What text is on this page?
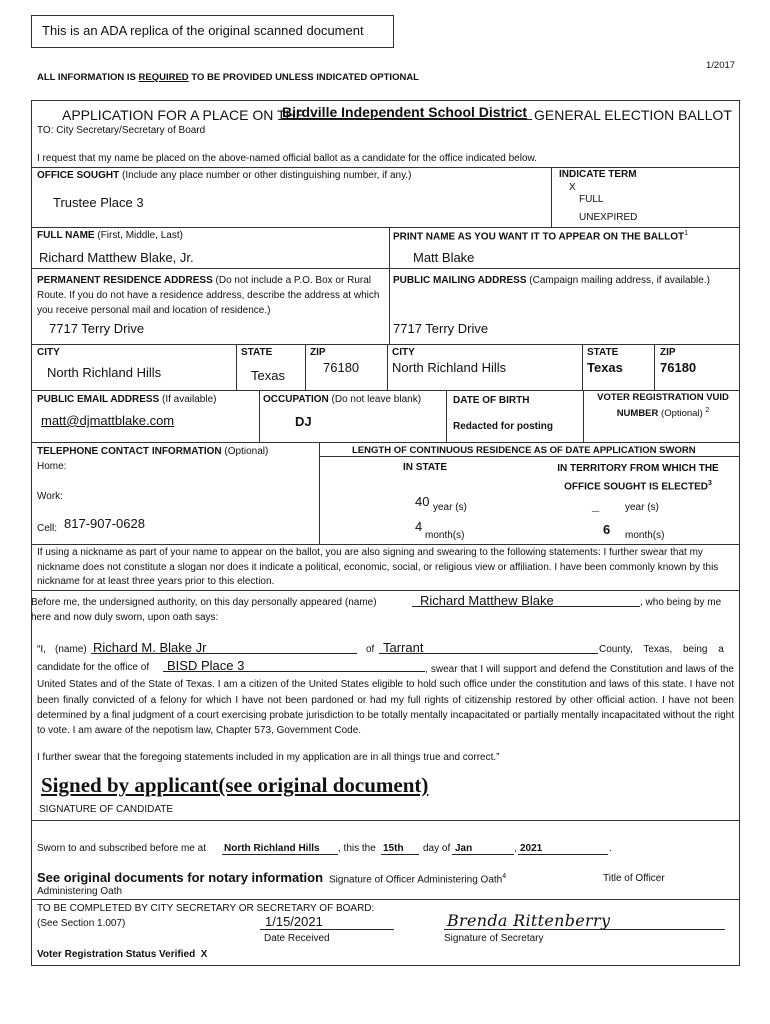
This is an ADA replica of the original scanned document
1/2017
ALL INFORMATION IS REQUIRED TO BE PROVIDED UNLESS INDICATED OPTIONAL
APPLICATION FOR A PLACE ON THE
Birdville Independent School District GENERAL ELECTION BALLOT
TO: City Secretary/Secretary of Board
I request that my name be placed on the above-named official ballot as a candidate for the office indicated below.
OFFICE SOUGHT (Include any place number or other distinguishing number, if any.)
Trustee Place 3
INDICATE TERM
X
FULL
UNEXPIRED
FULL NAME (First, Middle, Last)
Richard Matthew Blake, Jr.
PRINT NAME AS YOU WANT IT TO APPEAR ON THE BALLOT$^1$
Matt Blake
PERMANENT RESIDENCE ADDRESS (Do not include a P.O. Box or Rural Route. If you do not have a residence address, describe the address at which you receive personal mail and location of residence.)
7717 Terry Drive
PUBLIC MAILING ADDRESS (Campaign mailing address, if available.)
7717 Terry Drive
CITY
North Richland Hills
STATE
Texas
ZIP
76180
CITY
North Richland Hills
STATE
Texas
ZIP
76180
PUBLIC EMAIL ADDRESS (If available)
matt@djmattblake.com
OCCUPATION (Do not leave blank)
DJ
DATE OF BIRTH
Redacted for posting
VOTER REGISTRATION VUID NUMBER (Optional) $^2$
TELEPHONE CONTACT INFORMATION (Optional)
Home:
Work:
Cell: 817-907-0628
LENGTH OF CONTINUOUS RESIDENCE AS OF DATE APPLICATION SWORN
IN STATE	IN TERRITORY FROM WHICH THE OFFICE SOUGHT IS ELECTED$^3$
40 year (s)
4
month(s)
_	year (s)
6 month(s)
If using a nickname as part of your name to appear on the ballot, you are also signing and swearing to the following statements: I further swear that my nickname does not constitute a slogan nor does it indicate a political, economic, social, or religious view or affiliation. I have been commonly known by this nickname for at least three years prior to this election.
Before me, the undersigned authority, on this day personally appeared (name)	Richard Matthew Blake	, who being by me
here and now duly sworn, upon oath says:
“I, (name) Richard M. Blake Jr	of Tarrant	County, Texas, being a
candidate for the office of BISD Place 3	, swear that I will support and defend the Constitution and laws of the United States and of the State of Texas. I am a citizen of the United States eligible to hold such office under the constitution and laws of this state. I have not been finally convicted of a felony for which I have not been pardoned or had my full rights of citizenship restored by other official action. I have not been determined by a final judgment of a court exercising probate jurisdiction to be totally mentally incapacitated or partially mentally incapacitated without the right to vote. I am aware of the nepotism law, Chapter 573, Government Code.
I further swear that the foregoing statements included in my application are in all things true and correct.”
Signed by applicant(see original document)
SIGNATURE OF CANDIDATE
Sworn to and subscribed before me at North Richland Hills , this the 15th day of Jan	, 2021	.
See original documents for notary information Signature of Officer Administering Oath$^4$	Title of Officer
Administering Oath
TO BE COMPLETED BY CITY SECRETARY OR SECRETARY OF BOARD:
(See Section 1.007)	1/15/2021
Date Received
Brenda Rittenberry
Signature of Secretary
Voter Registration Status Verified X
